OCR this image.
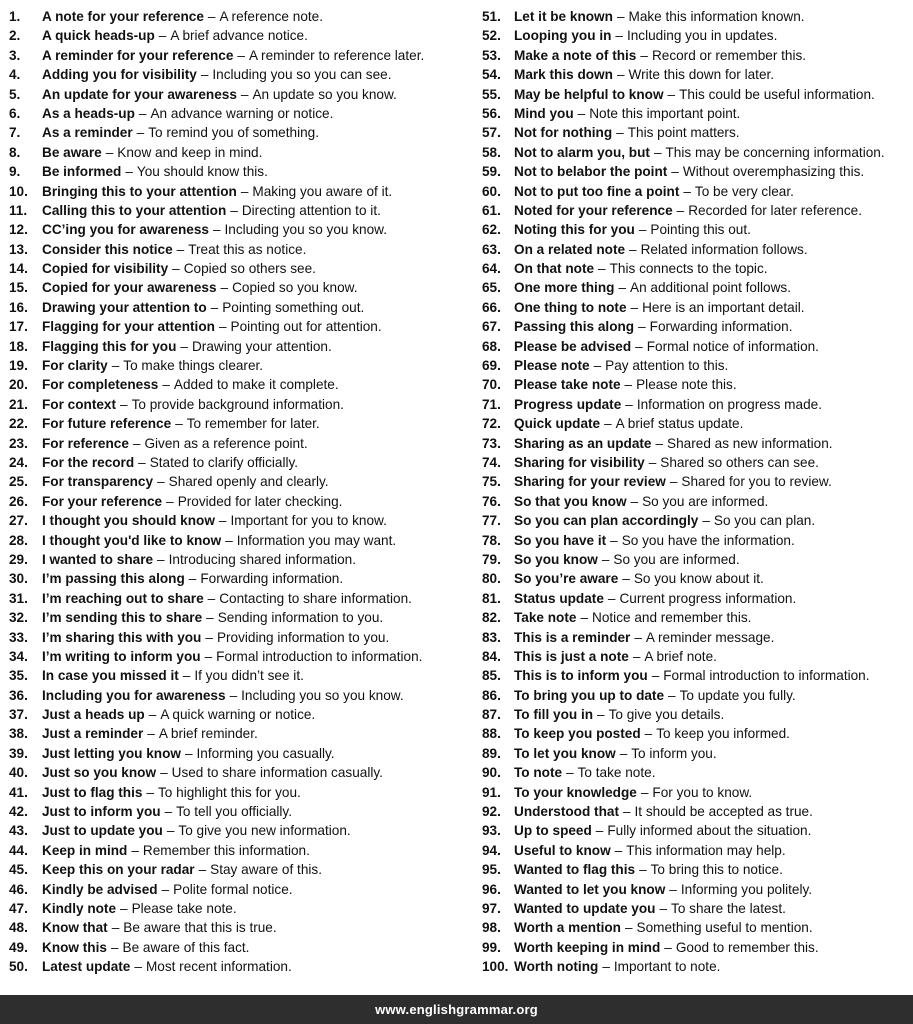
1.	A note for your reference – A reference note.
2.	A quick heads-up – A brief advance notice.
3.	A reminder for your reference – A reminder to reference later.
4.	Adding you for visibility – Including you so you can see.
5.	An update for your awareness – An update so you know.
6.	As a heads-up – An advance warning or notice.
7.	As a reminder – To remind you of something.
8.	Be aware – Know and keep in mind.
9.	Be informed – You should know this.
10.	Bringing this to your attention – Making you aware of it.
11.	Calling this to your attention – Directing attention to it.
12.	CC’ing you for awareness – Including you so you know.
13.	Consider this notice – Treat this as notice.
14.	Copied for visibility – Copied so others see.
15.	Copied for your awareness – Copied so you know.
16.	Drawing your attention to – Pointing something out.
17.	Flagging for your attention – Pointing out for attention.
18.	Flagging this for you – Drawing your attention.
19.	For clarity – To make things clearer.
20.	For completeness – Added to make it complete.
21.	For context – To provide background information.
22.	For future reference – To remember for later.
23.	For reference – Given as a reference point.
24.	For the record – Stated to clarify officially.
25.	For transparency – Shared openly and clearly.
26.	For your reference – Provided for later checking.
27.	I thought you should know – Important for you to know.
28.	I thought you'd like to know – Information you may want.
29.	I wanted to share – Introducing shared information.
30.	I’m passing this along – Forwarding information.
31.	I’m reaching out to share – Contacting to share information.
32.	I’m sending this to share – Sending information to you.
33.	I’m sharing this with you – Providing information to you.
34.	I’m writing to inform you – Formal introduction to information.
35.	In case you missed it – If you didn’t see it.
36.	Including you for awareness – Including you so you know.
37.	Just a heads up – A quick warning or notice.
38.	Just a reminder – A brief reminder.
39.	Just letting you know – Informing you casually.
40.	Just so you know – Used to share information casually.
41.	Just to flag this – To highlight this for you.
42.	Just to inform you – To tell you officially.
43.	Just to update you – To give you new information.
44.	Keep in mind – Remember this information.
45.	Keep this on your radar – Stay aware of this.
46.	Kindly be advised – Polite formal notice.
47.	Kindly note – Please take note.
48.	Know that – Be aware that this is true.
49.	Know this – Be aware of this fact.
50.	Latest update – Most recent information.
51. Let it be known – Make this information known.
52. Looping you in – Including you in updates.
53. Make a note of this – Record or remember this.
54. Mark this down – Write this down for later.
55. May be helpful to know – This could be useful information.
56. Mind you – Note this important point.
57. Not for nothing – This point matters.
58. Not to alarm you, but – This may be concerning information.
59. Not to belabor the point – Without overemphasizing this.
60. Not to put too fine a point – To be very clear.
61. Noted for your reference – Recorded for later reference.
62. Noting this for you – Pointing this out.
63. On a related note – Related information follows.
64. On that note – This connects to the topic.
65. One more thing – An additional point follows.
66. One thing to note – Here is an important detail.
67. Passing this along – Forwarding information.
68. Please be advised – Formal notice of information.
69. Please note – Pay attention to this.
70. Please take note – Please note this.
71. Progress update – Information on progress made.
72. Quick update – A brief status update.
73. Sharing as an update – Shared as new information.
74. Sharing for visibility – Shared so others can see.
75. Sharing for your review – Shared for you to review.
76. So that you know – So you are informed.
77. So you can plan accordingly – So you can plan.
78. So you have it – So you have the information.
79. So you know – So you are informed.
80. So you’re aware – So you know about it.
81. Status update – Current progress information.
82. Take note – Notice and remember this.
83. This is a reminder – A reminder message.
84. This is just a note – A brief note.
85. This is to inform you – Formal introduction to information.
86. To bring you up to date – To update you fully.
87. To fill you in – To give you details.
88. To keep you posted – To keep you informed.
89. To let you know – To inform you.
90. To note – To take note.
91. To your knowledge – For you to know.
92. Understood that – It should be accepted as true.
93. Up to speed – Fully informed about the situation.
94. Useful to know – This information may help.
95. Wanted to flag this – To bring this to notice.
96. Wanted to let you know – Informing you politely.
97. Wanted to update you – To share the latest.
98. Worth a mention – Something useful to mention.
99. Worth keeping in mind – Good to remember this.
100. Worth noting – Important to note.
www.englishgrammar.org
